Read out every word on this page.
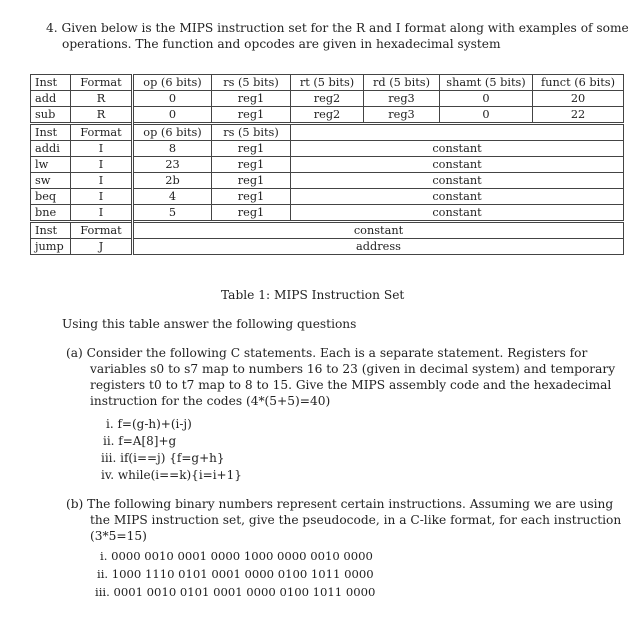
4. Given below is the MIPS instruction set for the R and I format along with examples of some
operations. The function and opcodes are given in hexadecimal system
Inst	Format	op (6 bits)	rs (5 bits)	rt (5 bits)	rd (5 bits)	shamt (5 bits)	funct (6 bits)
add	R	0	reg1	reg2	reg3	0	20
sub	R	0	reg1	reg2	reg3	0	22
Inst	Format	op (6 bits)	rs (5 bits)				
addi	I	8	reg1	constant			
lw	I	23	reg1	constant			
sw	I	2b	reg1	constant			
beq	I	4	reg1	constant			
bne	I	5	reg1	constant			
Inst	Format	constant					
jump	J	address					
Table 1: MIPS Instruction Set
Using this table answer the following questions
(a) Consider the following C statements. Each is a separate statement. Registers for
variables s0 to s7 map to numbers 16 to 23 (given in decimal system) and temporary
registers t0 to t7 map to 8 to 15. Give the MIPS assembly code and the hexadecimal
instruction for the codes (4*(5+5)=40)
i. f=(g-h)+(i-j)
ii. f=A[8]+g
iii. if(i==j) {f=g+h}
iv. while(i==k){i=i+1}
(b) The following binary numbers represent certain instructions. Assuming we are using
the MIPS instruction set, give the pseudocode, in a C-like format, for each instruction
(3*5=15)
i. 0000 0010 0001 0000 1000 0000 0010 0000
ii. 1000 1110 0101 0001 0000 0100 1011 0000
iii. 0001 0010 0101 0001 0000 0100 1011 0000
